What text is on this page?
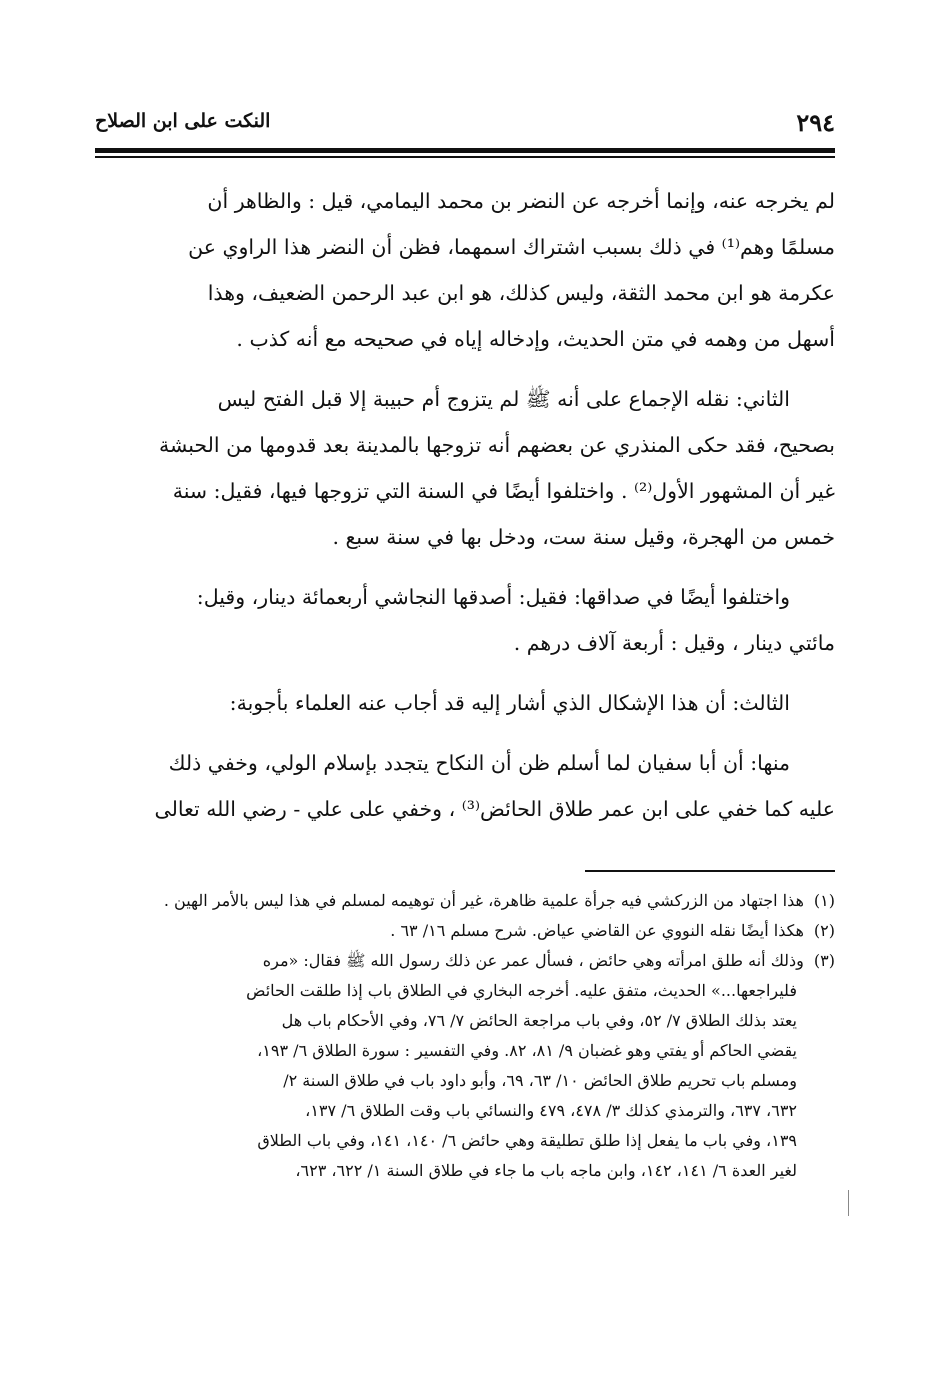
٢٩٤
النكت على ابن الصلاح
لم يخرجه عنه، وإنما أخرجه عن النضر بن محمد اليمامي، قيل : والظاهر أن
مسلمًا وهم⁽¹⁾ في ذلك بسبب اشتراك اسمهما، فظن أن النضر هذا الراوي عن
عكرمة هو ابن محمد الثقة، وليس كذلك، هو ابن عبد الرحمن الضعيف، وهذا
أسهل من وهمه في متن الحديث، وإدخاله إياه في صحيحه مع أنه كذب .
الثاني: نقله الإجماع على أنه ﷺ لم يتزوج أم حبيبة إلا قبل الفتح ليس
بصحيح، فقد حكى المنذري عن بعضهم أنه تزوجها بالمدينة بعد قدومها من الحبشة
غير أن المشهور الأول⁽²⁾ . واختلفوا أيضًا في السنة التي تزوجها فيها، فقيل: سنة
خمس من الهجرة، وقيل سنة ست، ودخل بها في سنة سبع .
واختلفوا أيضًا في صداقها: فقيل: أصدقها النجاشي أربعمائة دينار، وقيل:
مائتي دينار ، وقيل : أربعة آلاف درهم .
الثالث: أن هذا الإشكال الذي أشار إليه قد أجاب عنه العلماء بأجوبة:
منها: أن أبا سفيان لما أسلم ظن أن النكاح يتجدد بإسلام الولي، وخفي ذلك
عليه كما خفي على ابن عمر طلاق الحائض⁽³⁾ ، وخفي على علي - رضي الله تعالى
(١)هذا اجتهاد من الزركشي فيه جرأة علمية ظاهرة، غير أن توهيمه لمسلم في هذا ليس بالأمر الهين .
(٢)هكذا أيضًا نقله النووي عن القاضي عياض. شرح مسلم ١٦/ ٦٣ .
(٣)وذلك أنه طلق امرأته وهي حائض ، فسأل عمر عن ذلك رسول الله ﷺ فقال: «مره
فليراجعها...» الحديث، متفق عليه. أخرجه البخاري في الطلاق باب إذا طلقت الحائض
يعتد بذلك الطلاق ٧/ ٥٢، وفي باب مراجعة الحائض ٧/ ٧٦، وفي الأحكام باب هل
يقضي الحاكم أو يفتي وهو غضبان ٩/ ٨١، ٨٢. وفي التفسير : سورة الطلاق ٦/ ١٩٣،
ومسلم باب تحريم طلاق الحائض ١٠/ ٦٣، ٦٩، وأبو داود باب في طلاق السنة ٢/
٦٣٢، ٦٣٧، والترمذي كذلك ٣/ ٤٧٨، ٤٧٩ والنسائي باب وقت الطلاق ٦/ ١٣٧،
١٣٩، وفي باب ما يفعل إذا طلق تطليقة وهي حائض ٦/ ١٤٠، ١٤١، وفي باب الطلاق
لغير العدة ٦/ ١٤١، ١٤٢، وابن ماجه باب ما جاء في طلاق السنة ١/ ٦٢٢، ٦٢٣،
